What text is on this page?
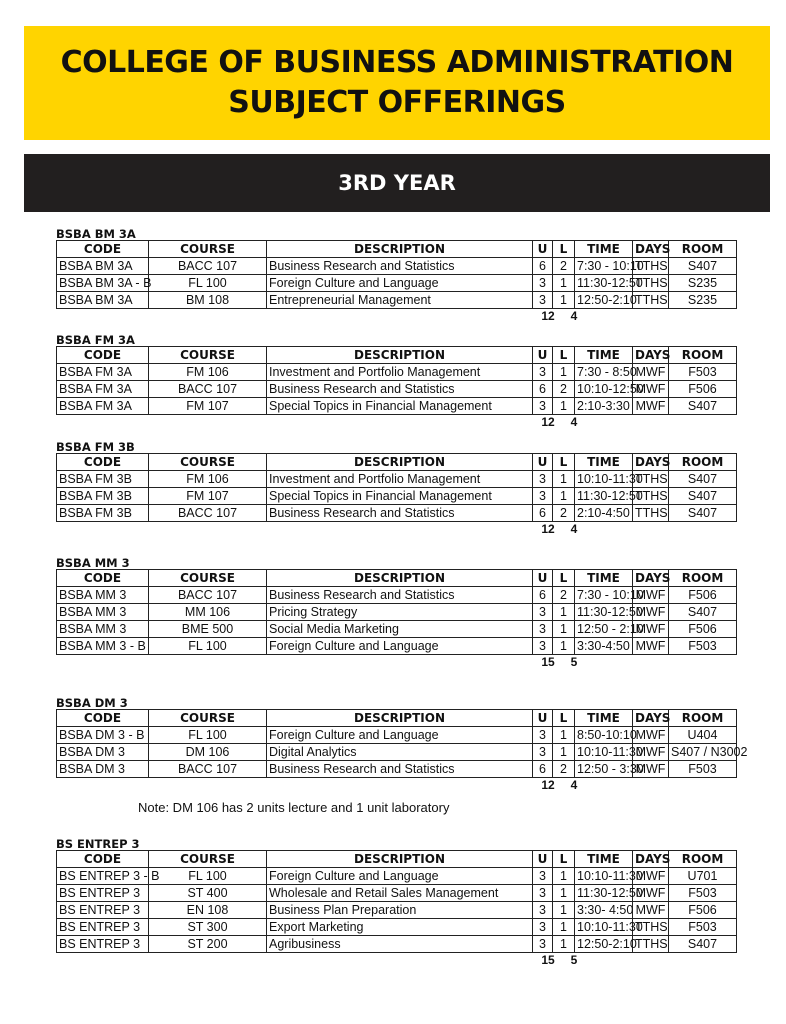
COLLEGE OF BUSINESS ADMINISTRATION
SUBJECT OFFERINGS
3RD YEAR
BSBA BM 3A
CODE	COURSE	DESCRIPTION	U	L	TIME	DAYS	ROOM
BSBA BM 3A	BACC 107	Business Research and Statistics	6	2	7:30 - 10:10	TTHS	S407
BSBA BM 3A - B	FL 100	Foreign Culture and Language	3	1	11:30-12:50	TTHS	S235
BSBA BM 3A	BM 108	Entrepreneurial Management	3	1	12:50-2:10	TTHS	S235
12	4
BSBA FM 3A
CODE	COURSE	DESCRIPTION	U	L	TIME	DAYS	ROOM
BSBA FM 3A	FM 106	Investment and Portfolio Management	3	1	7:30 - 8:50	MWF	F503
BSBA FM 3A	BACC 107	Business Research and Statistics	6	2	10:10-12:50	MWF	F506
BSBA FM 3A	FM 107	Special Topics in Financial Management	3	1	2:10-3:30	MWF	S407
12	4
BSBA FM 3B
CODE	COURSE	DESCRIPTION	U	L	TIME	DAYS	ROOM
BSBA FM 3B	FM 106	Investment and Portfolio Management	3	1	10:10-11:30	TTHS	S407
BSBA FM 3B	FM 107	Special Topics in Financial Management	3	1	11:30-12:50	TTHS	S407
BSBA FM 3B	BACC 107	Business Research and Statistics	6	2	2:10-4:50	TTHS	S407
12	4
BSBA MM 3
CODE	COURSE	DESCRIPTION	U	L	TIME	DAYS	ROOM
BSBA MM 3	BACC 107	Business Research and Statistics	6	2	7:30 - 10:10	MWF	F506
BSBA MM 3	MM 106	Pricing Strategy	3	1	11:30-12:50	MWF	S407
BSBA MM 3	BME 500	Social Media Marketing	3	1	12:50 - 2:10	MWF	F506
BSBA MM 3 - B	FL 100	Foreign Culture and Language	3	1	3:30-4:50	MWF	F503
15	5
BSBA DM 3
CODE	COURSE	DESCRIPTION	U	L	TIME	DAYS	ROOM
BSBA DM 3 - B	FL 100	Foreign Culture and Language	3	1	8:50-10:10	MWF	U404
BSBA DM 3	DM 106	Digital Analytics	3	1	10:10-11:30	MWF	S407 / N3002
BSBA DM 3	BACC 107	Business Research and Statistics	6	2	12:50 - 3:30	MWF	F503
12	4
BS ENTREP 3
CODE	COURSE	DESCRIPTION	U	L	TIME	DAYS	ROOM
BS ENTREP 3 - B	FL 100	Foreign Culture and Language	3	1	10:10-11:30	MWF	U701
BS ENTREP 3	ST 400	Wholesale and Retail Sales Management	3	1	11:30-12:50	MWF	F503
BS ENTREP 3	EN 108	Business Plan Preparation	3	1	3:30- 4:50	MWF	F506
BS ENTREP 3	ST 300	Export Marketing	3	1	10:10-11:30	TTHS	F503
BS ENTREP 3	ST 200	Agribusiness	3	1	12:50-2:10	TTHS	S407
15	5
Note: DM 106 has 2 units lecture and 1 unit laboratory
